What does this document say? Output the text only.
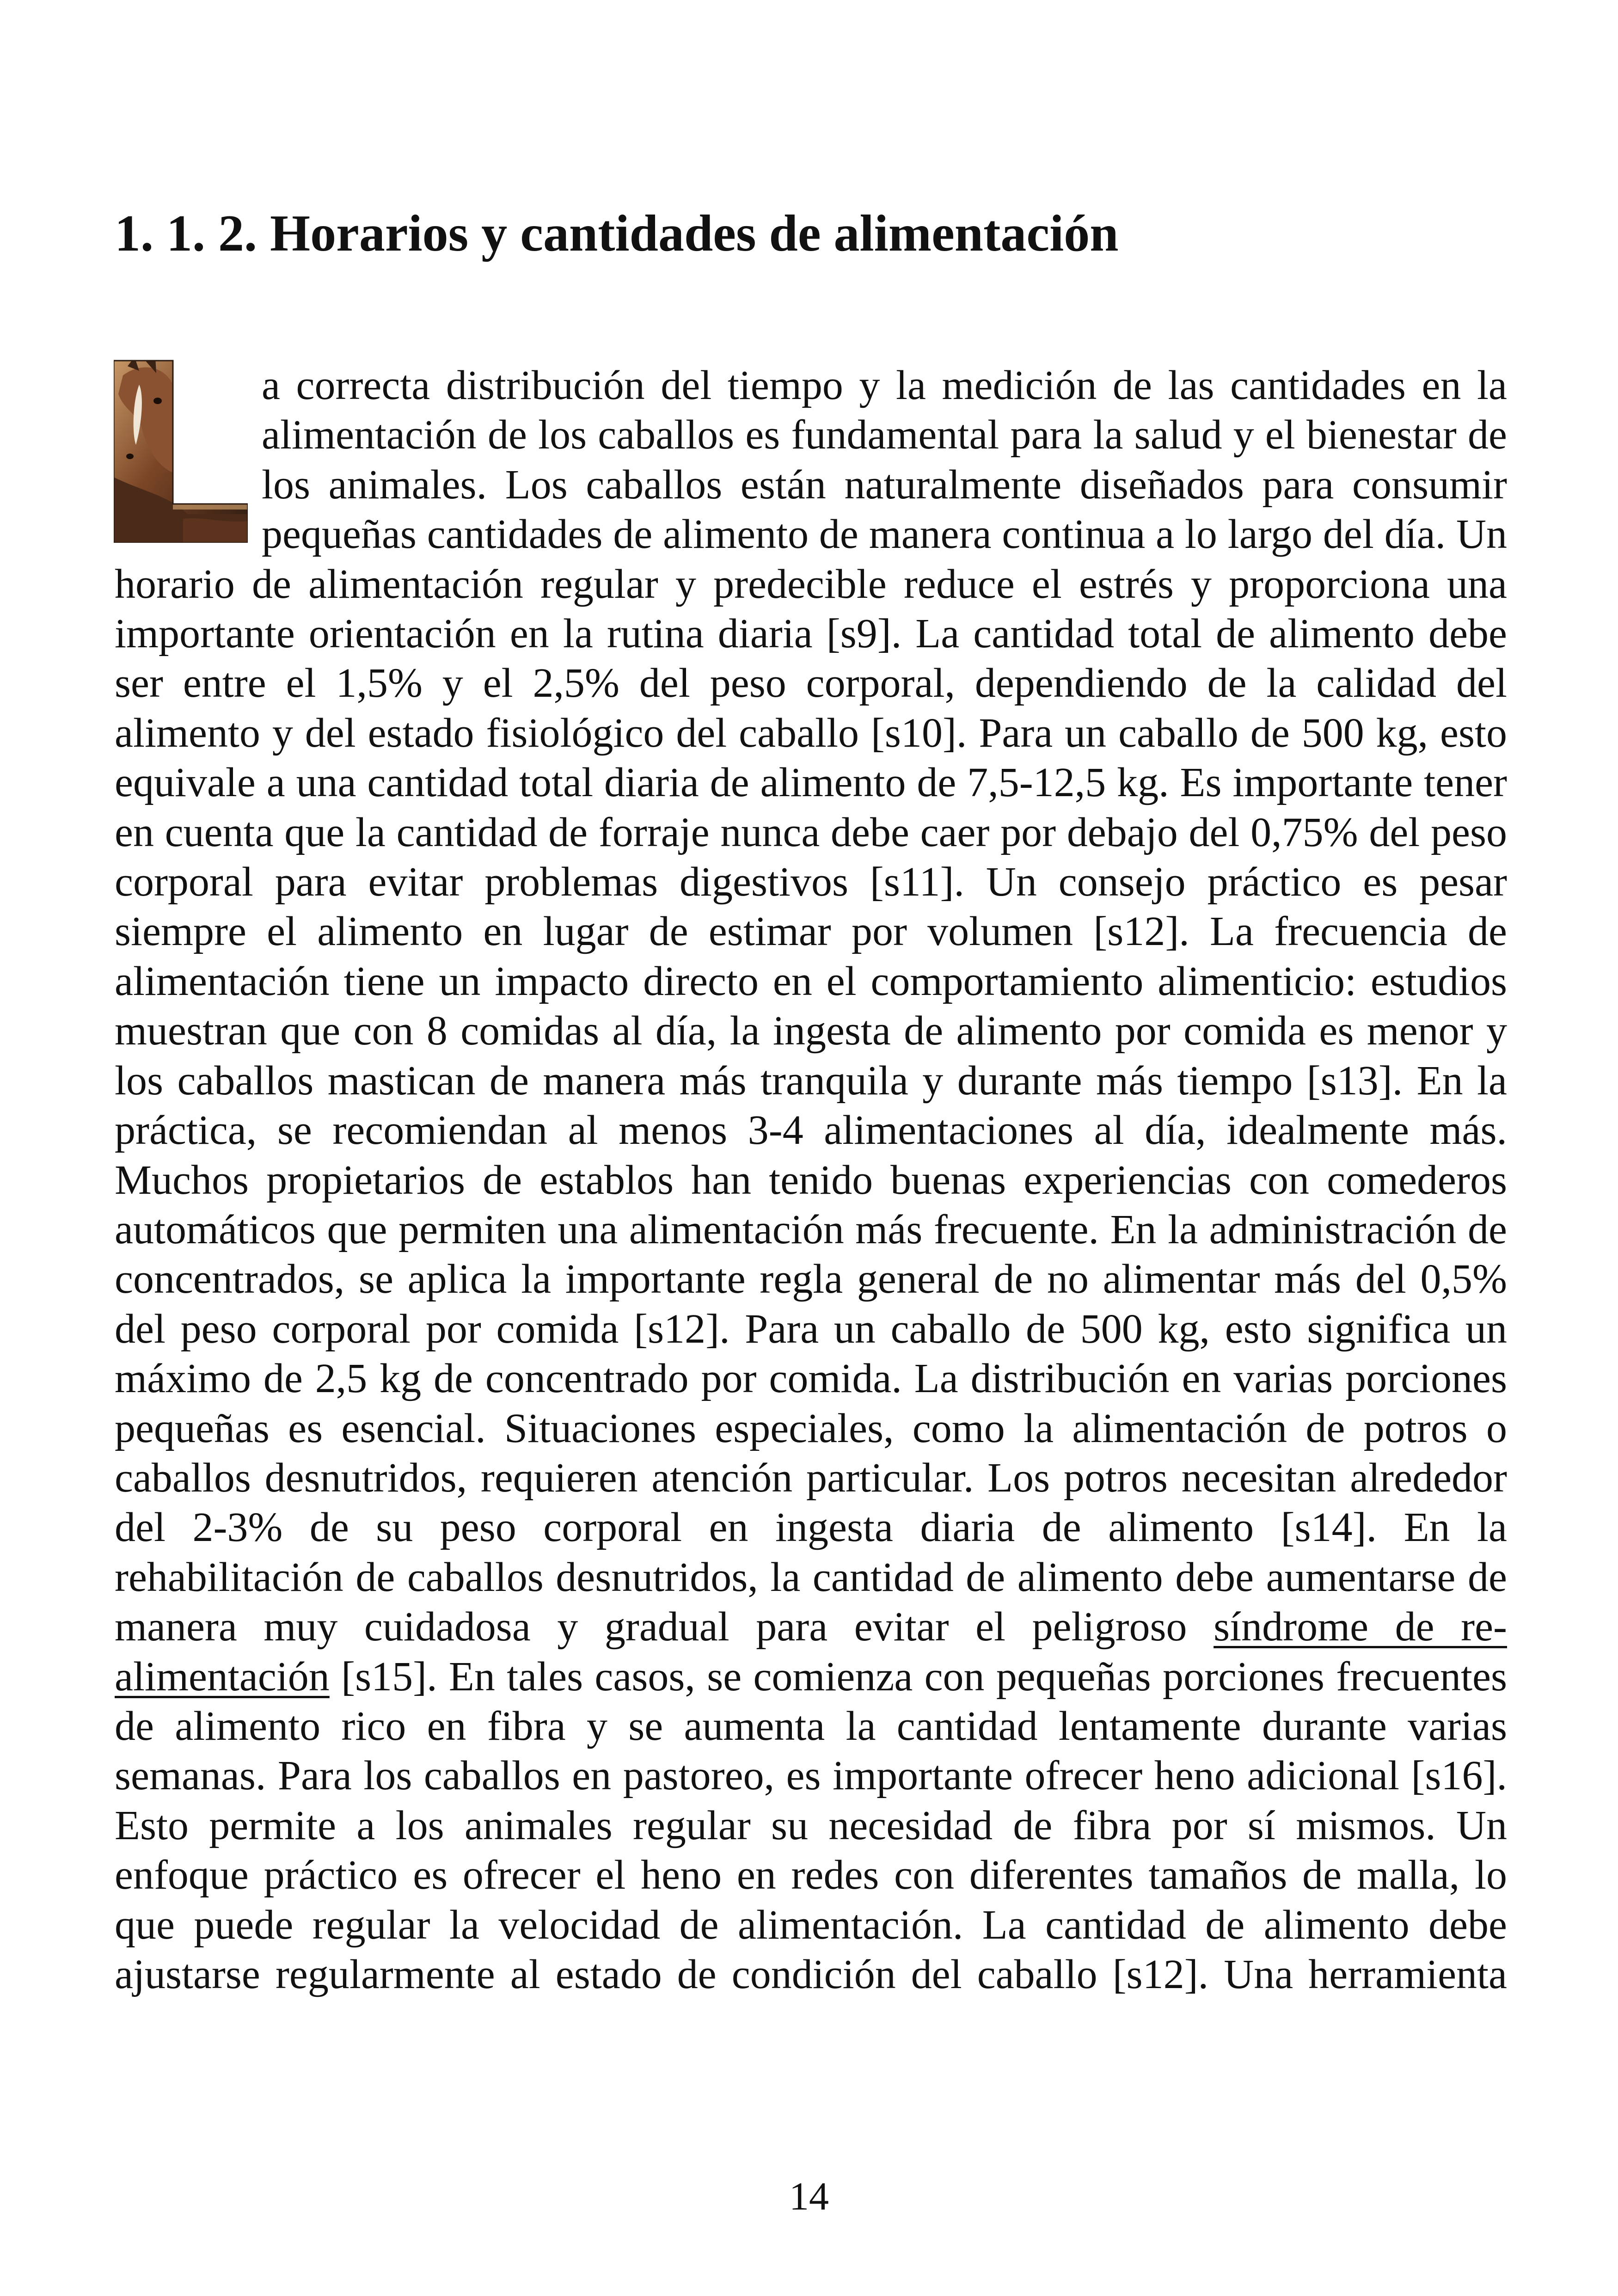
1. 1. 2. Horarios y cantidades de alimentación

a correcta distribución del tiempo y la medición de las cantidades en la alimentación de los caballos es fundamental para la salud y el bienestar de los animales. Los caballos están naturalmente diseñados para consumir pequeñas cantidades de alimento de manera continua a lo largo del día. Un horario de alimentación regular y predecible reduce el estrés y proporciona una importante orientación en la rutina diaria [s9]. La cantidad total de alimento debe ser entre el 1,5% y el 2,5% del peso corporal, dependiendo de la calidad del alimento y del estado fisiológico del caballo [s10]. Para un caballo de 500 kg, esto equivale a una cantidad total diaria de alimento de 7,5-12,5 kg. Es importante tener en cuenta que la cantidad de forraje nunca debe caer por debajo del 0,75% del peso corporal para evitar problemas digestivos [s11]. Un consejo práctico es pesar siempre el alimento en lugar de estimar por volumen [s12]. La frecuencia de alimentación tiene un impacto directo en el comportamiento alimenticio: estudios muestran que con 8 comidas al día, la ingesta de alimento por comida es menor y los caballos mastican de manera más tranquila y durante más tiempo [s13]. En la práctica, se recomiendan al menos 3-4 alimentaciones al día, idealmente más. Muchos propietarios de establos han tenido buenas experiencias con comederos automáticos que permiten una alimentación más frecuente. En la administración de concentrados, se aplica la importante regla general de no alimentar más del 0,5% del peso corporal por comida [s12]. Para un caballo de 500 kg, esto significa un máximo de 2,5 kg de concentrado por comida. La distribución en varias porciones pequeñas es esencial. Situaciones especiales, como la alimentación de potros o caballos desnutridos, requieren atención particular. Los potros necesitan alrededor del 2-3% de su peso corporal en ingesta diaria de alimento [s14]. En la rehabilitación de caballos desnutridos, la cantidad de alimento debe aumentarse de manera muy cuidadosa y gradual para evitar el peligroso síndrome de re-alimentación [s15]. En tales casos, se comienza con pequeñas porciones frecuentes de alimento rico en fibra y se aumenta la cantidad lentamente durante varias semanas. Para los caballos en pastoreo, es importante ofrecer heno adicional [s16]. Esto permite a los animales regular su necesidad de fibra por sí mismos. Un enfoque práctico es ofrecer el heno en redes con diferentes tamaños de malla, lo que puede regular la velocidad de alimentación. La cantidad de alimento debe ajustarse regularmente al estado de condición del caballo [s12]. Una herramienta

14
